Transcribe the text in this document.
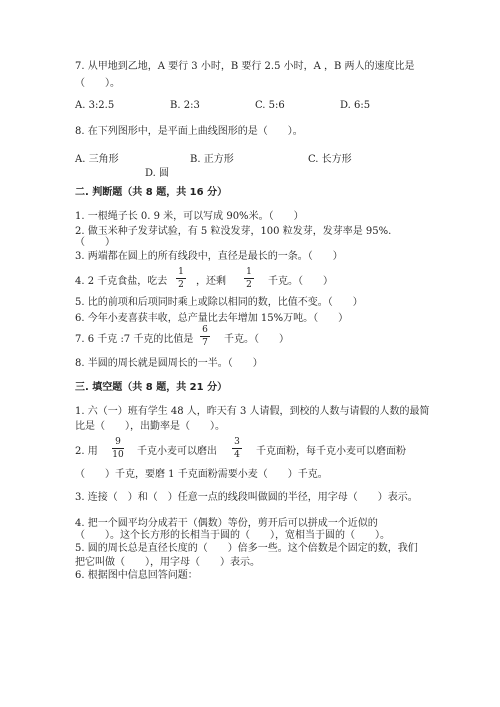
7. 从甲地到乙地，A 要行 3 小时，B 要行 2.5 小时，A ，B 两人的速度比是
（　　）。
A. 3:2.5	B. 2:3	C. 5:6	D. 6:5
8. 在下列图形中，是平面上曲线图形的是（　　）。
A. 三角形	B. 正方形	C. 长方形
D. 圆
二. 判断题（共 8 题，共 16 分）
1. 一根绳子长 0. 9 米，可以写成 90%米。（　　）
2. 做玉米种子发芽试验，有 5 粒没发芽，100 粒发芽，发芽率是 95%.
（　　）
3. 两端都在圆上的所有线段中，直径是最长的一条。（　　）
4. 2 千克食盐，吃去
1
2 ，还剩
1
2 千克。（　　）
5. 比的前项和后项同时乘上或除以相同的数，比值不变。（　　）
6. 今年小麦喜获丰收，总产量比去年增加 15%万吨。（　　）
7. 6 千克 :7 千克的比值是
6
7 千克。（　　）
8. 半圆的周长就是圆周长的一半。（　　）
三. 填空题（共 8 题，共 21 分）
1. 六（一）班有学生 48 人，昨天有 3 人请假，到校的人数与请假的人数的最简
比是（　　），出勤率是（　　）。
2. 用
9
10 千克小麦可以磨出
3
4 千克面粉，每千克小麦可以磨面粉
（　　）千克，要磨 1 千克面粉需要小麦（　　）千克。
3. 连接（　）和（　）任意一点的线段叫做圆的半径，用字母（　　）表示。
4. 把一个圆平均分成若干（偶数）等份，剪开后可以拼成一个近似的
（　　）。这个长方形的长相当于圆的（　　），宽相当于圆的（　　）。
5. 圆的周长总是直径长度的（　　）倍多一些。这个倍数是个固定的数，我们
把它叫做（　　），用字母（　　）表示。
6. 根据图中信息回答问题：
